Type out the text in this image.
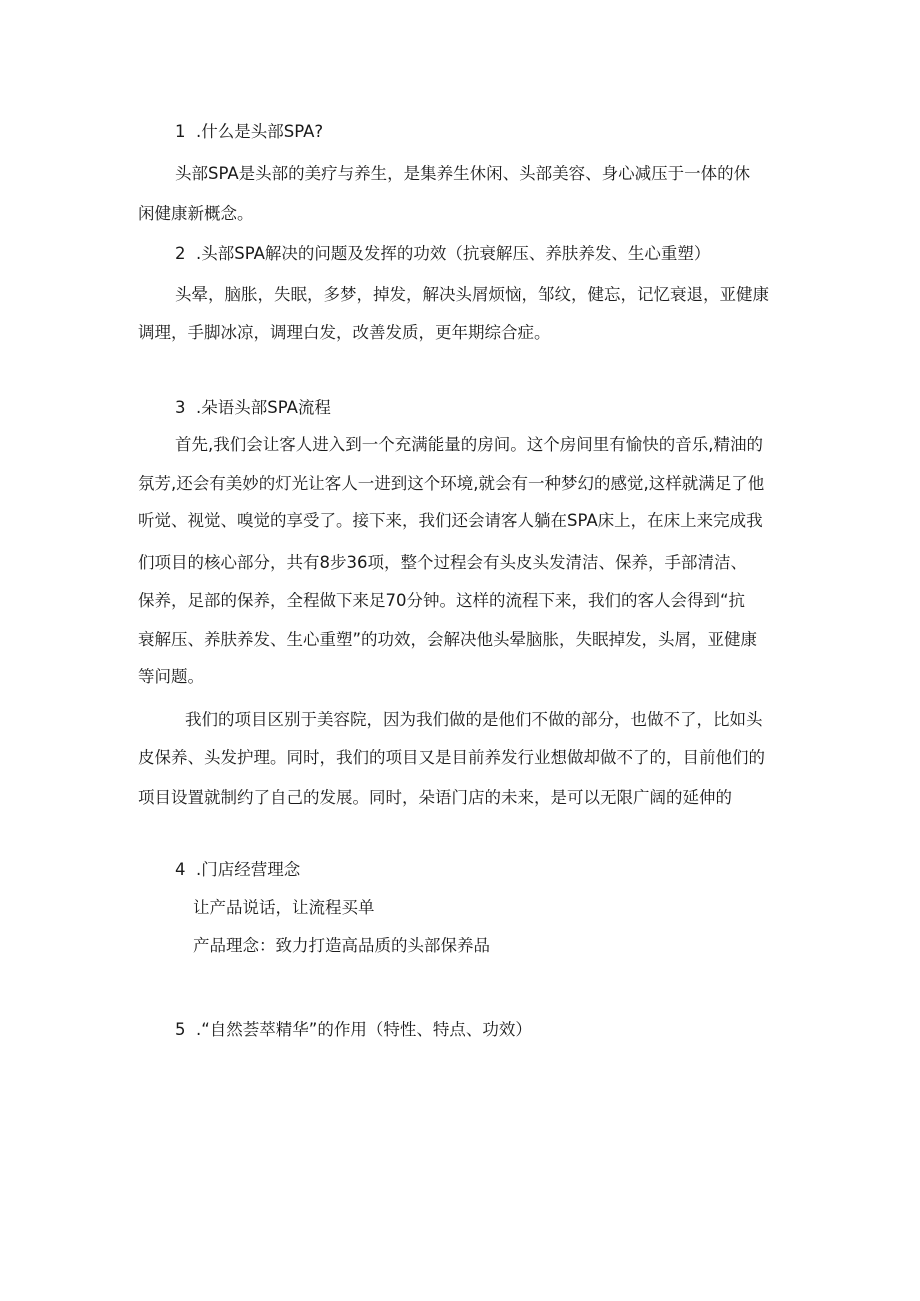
1  .什么是头部SPA?
头部SPA是头部的美疗与养生，是集养生休闲、头部美容、身心减压于一体的休
闲健康新概念。
2  .头部SPA解决的问题及发挥的功效（抗衰解压、养肤养发、生心重塑）
头晕，脑胀，失眠，多梦，掉发，解决头屑烦恼，邹纹，健忘，记忆衰退，亚健康
调理，手脚冰凉，调理白发，改善发质，更年期综合症。
3  .朵语头部SPA流程
首先,我们会让客人进入到一个充满能量的房间。这个房间里有愉快的音乐,精油的
氛芳,还会有美妙的灯光让客人一进到这个环境,就会有一种梦幻的感觉,这样就满足了他
听觉、视觉、嗅觉的享受了。接下来，我们还会请客人躺在SPA床上，在床上来完成我
们项目的核心部分，共有8步36项，整个过程会有头皮头发清洁、保养，手部清洁、
保养，足部的保养，全程做下来足70分钟。这样的流程下来，我们的客人会得到“抗
衰解压、养肤养发、生心重塑”的功效，会解决他头晕脑胀，失眠掉发，头屑，亚健康
等问题。
我们的项目区别于美容院，因为我们做的是他们不做的部分，也做不了，比如头
皮保养、头发护理。同时，我们的项目又是目前养发行业想做却做不了的，目前他们的
项目设置就制约了自己的发展。同时，朵语门店的未来，是可以无限广阔的延伸的
4  .门店经营理念
让产品说话，让流程买单
产品理念：致力打造高品质的头部保养品
5  .“自然荟萃精华”的作用（特性、特点、功效）
